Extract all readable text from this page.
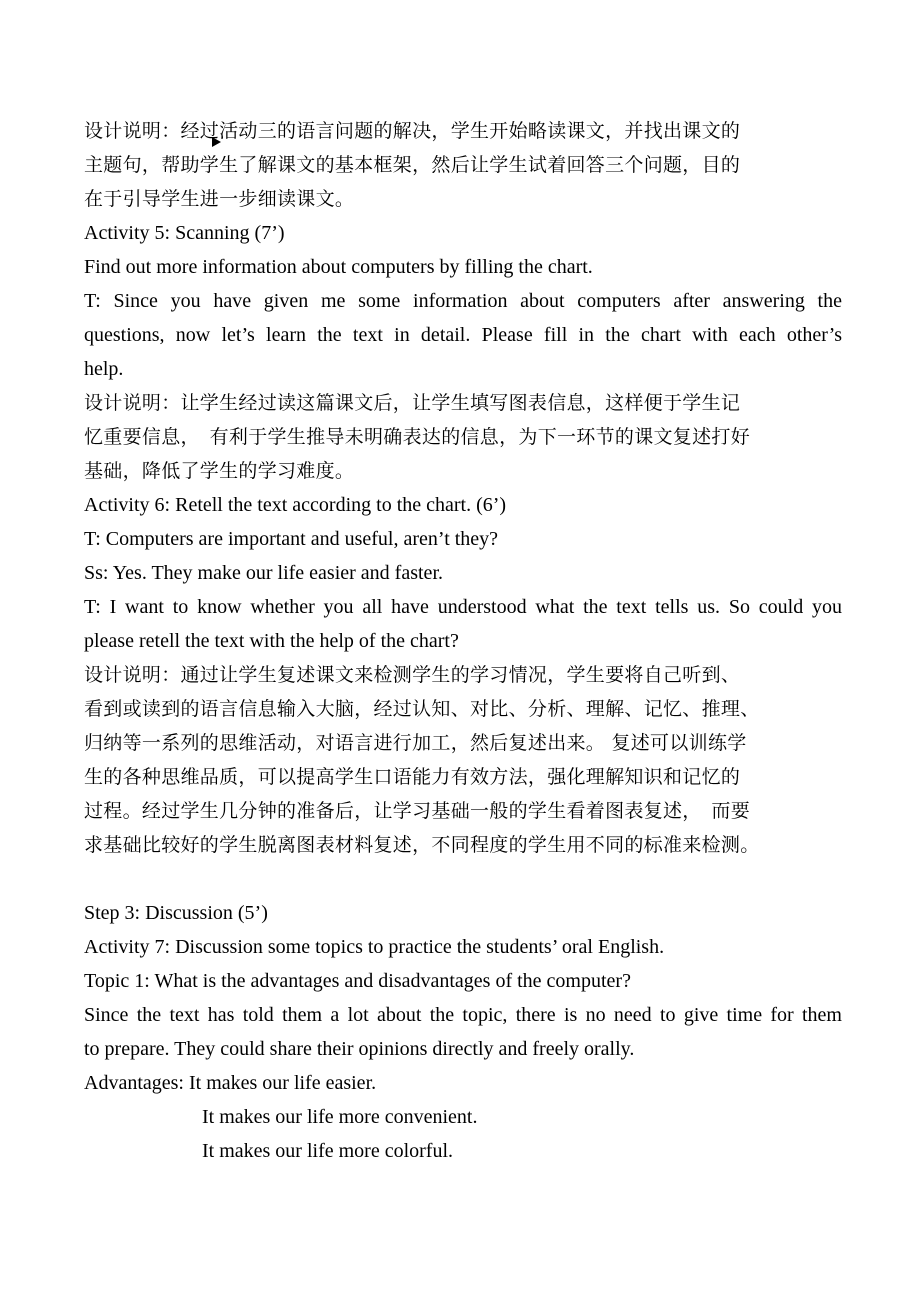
设计说明：经过活动三的语言问题的解决，学生开始略读课文，并找出课文的
主题句，帮助学生了解课文的基本框架，然后让学生试着回答三个问题，目的
在于引导学生进一步细读课文。
Activity 5: Scanning (7’)
Find out more information about computers by filling the chart.
T: Since you have given me some information about computers after answering the
questions, now let’s learn the text in detail. Please fill in the chart with each other’s
help.
设计说明：让学生经过读这篇课文后，让学生填写图表信息，这样便于学生记
忆重要信息，　有利于学生推导未明确表达的信息，为下一环节的课文复述打好
基础，降低了学生的学习难度。
Activity 6: Retell the text according to the chart. (6’)
T: Computers are important and useful, aren’t they?
Ss: Yes. They make our life easier and faster.
T: I want to know whether you all have understood what the text tells us. So could you
please retell the text with the help of the chart?
设计说明：通过让学生复述课文来检测学生的学习情况，学生要将自己听到、
看到或读到的语言信息输入大脑，经过认知、对比、分析、理解、记忆、推理、
归纳等一系列的思维活动，对语言进行加工，然后复述出来。 复述可以训练学
生的各种思维品质，可以提高学生口语能力有效方法，强化理解知识和记忆的
过程。经过学生几分钟的准备后，让学习基础一般的学生看着图表复述，　而要
求基础比较好的学生脱离图表材料复述，不同程度的学生用不同的标准来检测。
Step 3: Discussion (5’)
Activity 7: Discussion some topics to practice the students’ oral English.
Topic 1: What is the advantages and disadvantages of the computer?
Since the text has told them a lot about the topic, there is no need to give time for them
to prepare. They could share their opinions directly and freely orally.
Advantages: It makes our life easier.
It makes our life more convenient.
It makes our life more colorful.
